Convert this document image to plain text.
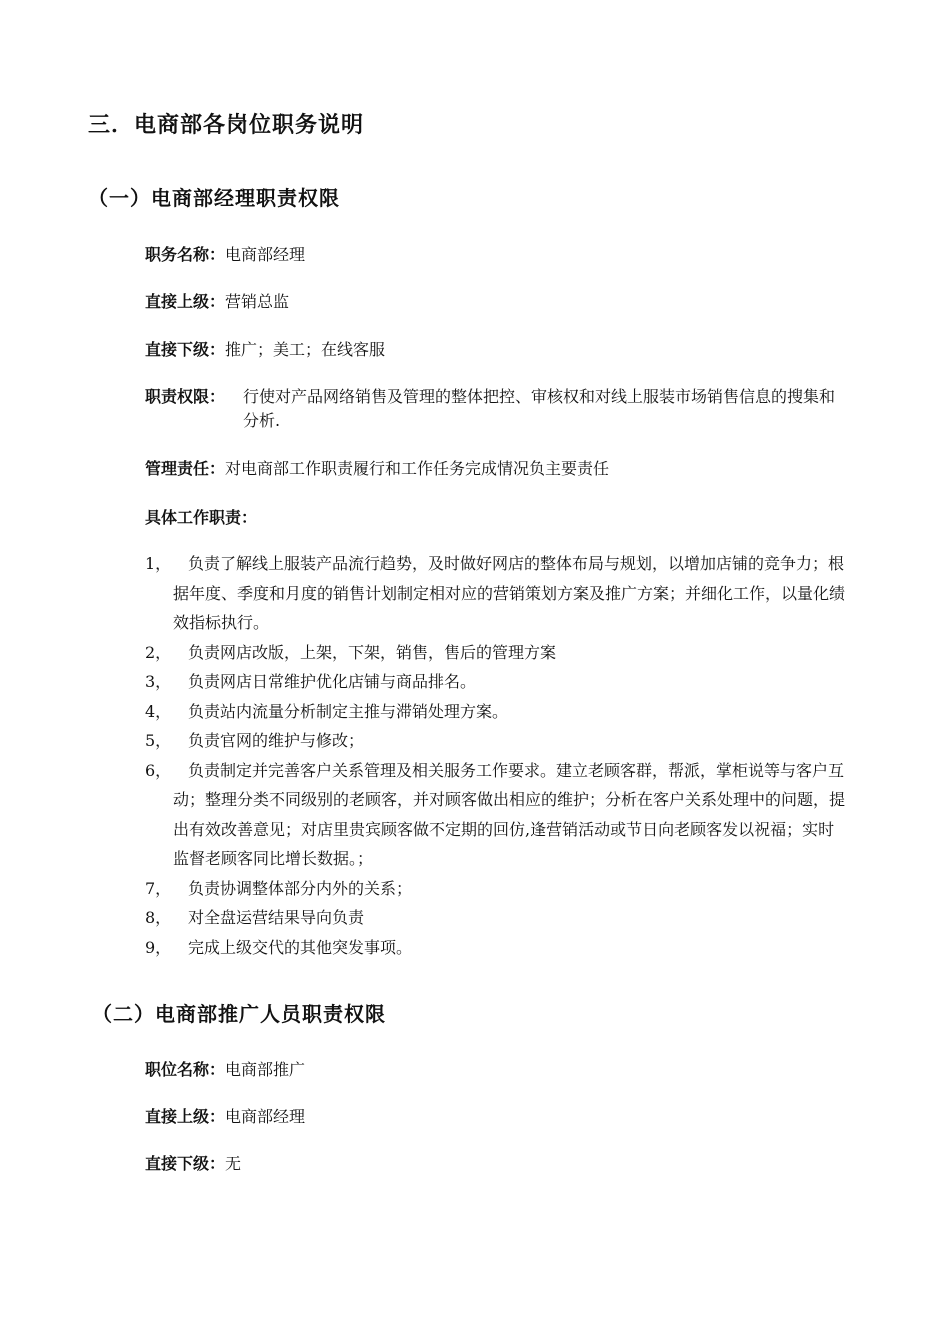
三．电商部各岗位职务说明
（一）电商部经理职责权限
职务名称：电商部经理
直接上级：营销总监
直接下级：推广；美工；在线客服
职责权限： 行使对产品网络销售及管理的整体把控、审核权和对线上服装市场销售信息的搜集和分析.
管理责任：对电商部工作职责履行和工作任务完成情况负主要责任
具体工作职责：
1，	负责了解线上服装产品流行趋势，及时做好网店的整体布局与规划，以增加店铺的竞争力；根据年度、季度和月度的销售计划制定相对应的营销策划方案及推广方案；并细化工作，以量化绩效指标执行。
2，	负责网店改版，上架，下架，销售，售后的管理方案
3，	负责网店日常维护优化店铺与商品排名。
4，	负责站内流量分析制定主推与滞销处理方案。
5，	负责官网的维护与修改；
6，	负责制定并完善客户关系管理及相关服务工作要求。建立老顾客群，帮派，掌柜说等与客户互动；整理分类不同级别的老顾客，并对顾客做出相应的维护；分析在客户关系处理中的问题，提出有效改善意见；对店里贵宾顾客做不定期的回仿,逢营销活动或节日向老顾客发以祝福；实时监督老顾客同比增长数据。；
7，	负责协调整体部分内外的关系；
8，	对全盘运营结果导向负责
9，	完成上级交代的其他突发事项。
（二）电商部推广人员职责权限
职位名称：电商部推广
直接上级：电商部经理
直接下级：无
